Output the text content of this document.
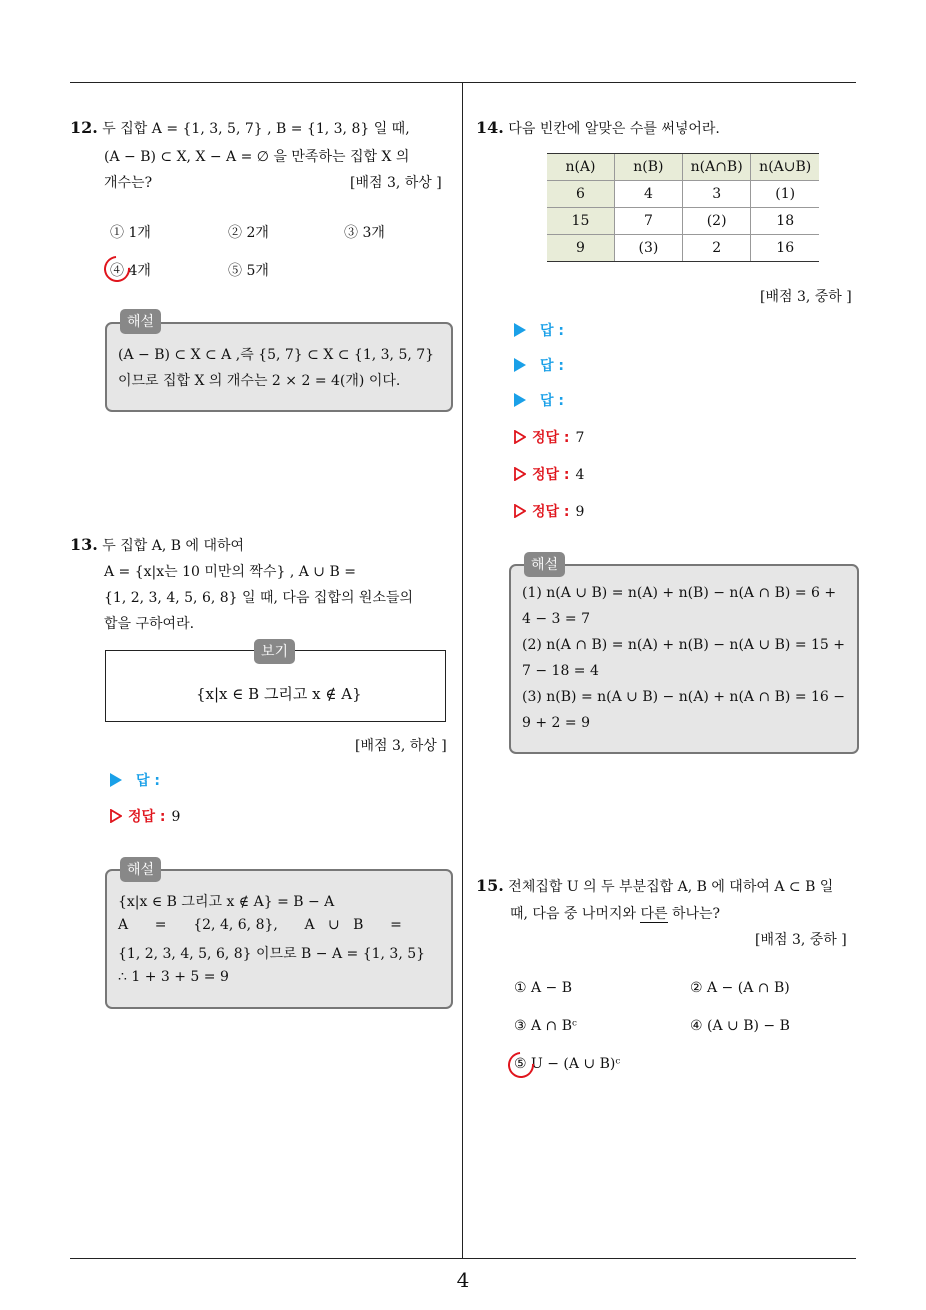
12. 두 집합 A = {1, 3, 5, 7} , B = {1, 3, 8} 일 때,
(A − B) ⊂ X, X − A = ∅ 을 만족하는 집합 X 의
개수는?	[배점 3, 하상 ]
① 1개	② 2개	③ 3개
④ 4개	⑤ 5개
해설
(A − B) ⊂ X ⊂ A ,즉 {5, 7} ⊂ X ⊂ {1, 3, 5, 7}
이므로 집합 X 의 개수는 2 × 2 = 4(개) 이다.
13. 두 집합 A, B 에 대하여
A = {x|x는 10 미만의 짝수} , A ∪ B =
{1, 2, 3, 4, 5, 6, 8} 일 때, 다음 집합의 원소들의
합을 구하여라.
보기
{x|x ∈ B 그리고 x ∉ A}
[배점 3, 하상 ]
답 :
정답 : 9
해설
{x|x ∈ B 그리고 x ∉ A} = B − A
A      =      {2, 4, 6, 8},      A   ∪   B      =
{1, 2, 3, 4, 5, 6, 8} 이므로 B − A = {1, 3, 5}
∴ 1 + 3 + 5 = 9
14. 다음 빈칸에 알맞은 수를 써넣어라.
n(A)	n(B)	n(A∩B)	n(A∪B)
6	4	3	(1)
15	7	(2)	18
9	(3)	2	16
[배점 3, 중하 ]
답 :
답 :
답 :
정답 : 7
정답 : 4
정답 : 9
해설
(1) n(A ∪ B) = n(A) + n(B) − n(A ∩ B) = 6 +
4 − 3 = 7
(2) n(A ∩ B) = n(A) + n(B) − n(A ∪ B) = 15 +
7 − 18 = 4
(3) n(B) = n(A ∪ B) − n(A) + n(A ∩ B) = 16 −
9 + 2 = 9
15. 전체집합 U 의 두 부분집합 A, B 에 대하여 A ⊂ B 일
때, 다음 중 나머지와 다른 하나는?
[배점 3, 중하 ]
① A − B	② A − (A ∩ B)
③ A ∩ Bᶜ	④ (A ∪ B) − B
⑤ U − (A ∪ B)ᶜ
4
